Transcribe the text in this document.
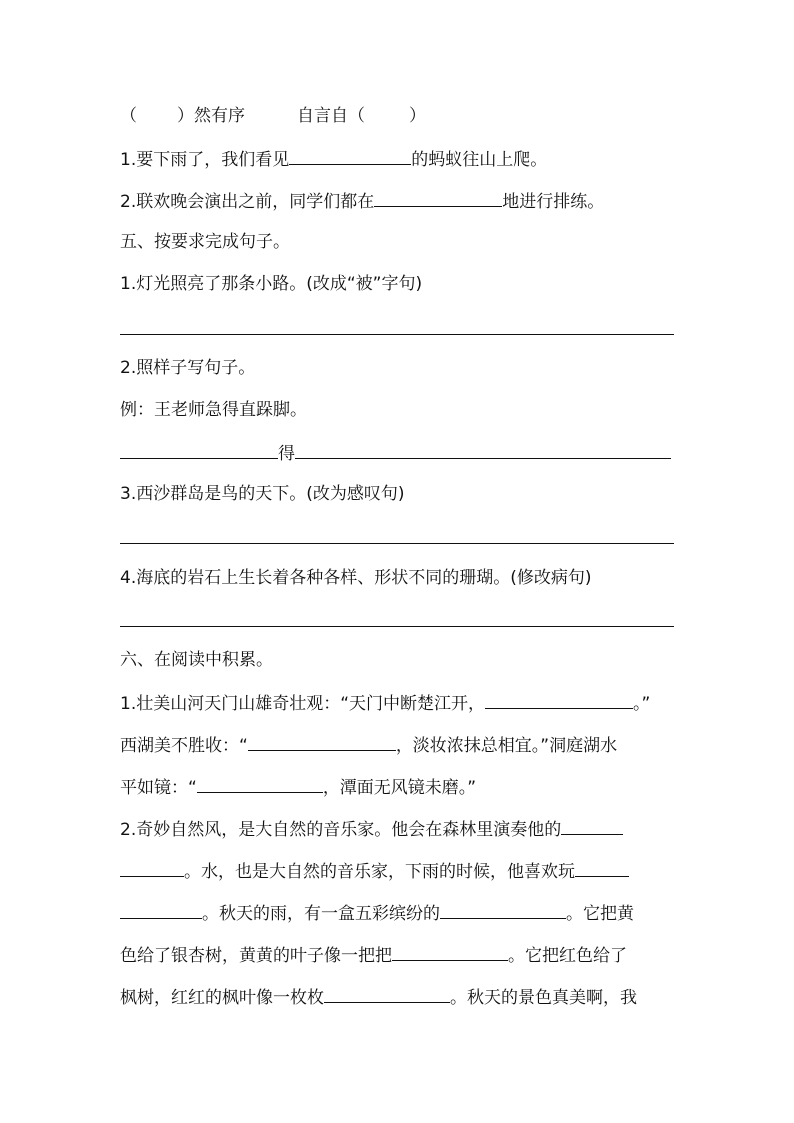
（ ）然有序	自言自（	）
1.要下雨了，我们看见	的蚂蚁往山上爬。
2.联欢晚会演出之前，同学们都在	地进行排练。
五、按要求完成句子。
1.灯光照亮了那条小路。(改成“被”字句)
2.照样子写句子。
例：王老师急得直跺脚。
得
3.西沙群岛是鸟的天下。(改为感叹句)
4.海底的岩石上生长着各种各样、形状不同的珊瑚。(修改病句)
六、在阅读中积累。
1.壮美山河天门山雄奇壮观：“天门中断楚江开，	。”
西湖美不胜收：“	，淡妆浓抹总相宜。”洞庭湖水
平如镜：“	，潭面无风镜未磨。”
2.奇妙自然风，是大自然的音乐家。他会在森林里演奏他的
。水，也是大自然的音乐家，下雨的时候，他喜欢玩
。秋天的雨，有一盒五彩缤纷的	。它把黄
色给了银杏树，黄黄的叶子像一把把	。它把红色给了
枫树，红红的枫叶像一枚枚	。秋天的景色真美啊，我
